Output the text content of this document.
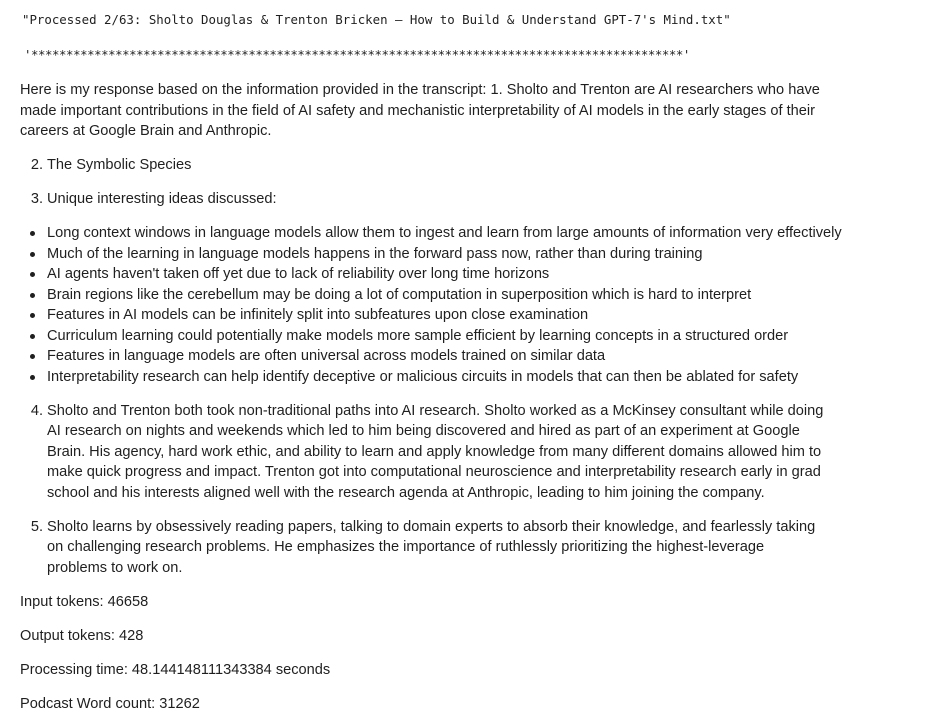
"Processed 2/63: Sholto Douglas & Trenton Bricken – How to Build & Understand GPT-7's Mind.txt"
'*********************************************************************************************'

Here is my response based on the information provided in the transcript: 1. Sholto and Trenton are AI researchers who have made important contributions in the field of AI safety and mechanistic interpretability of AI models in the early stages of their careers at Google Brain and Anthropic.

2. The Symbolic Species
3. Unique interesting ideas discussed:
Long context windows in language models allow them to ingest and learn from large amounts of information very effectively
Much of the learning in language models happens in the forward pass now, rather than during training
AI agents haven't taken off yet due to lack of reliability over long time horizons
Brain regions like the cerebellum may be doing a lot of computation in superposition which is hard to interpret
Features in AI models can be infinitely split into subfeatures upon close examination
Curriculum learning could potentially make models more sample efficient by learning concepts in a structured order
Features in language models are often universal across models trained on similar data
Interpretability research can help identify deceptive or malicious circuits in models that can then be ablated for safety
4. Sholto and Trenton both took non-traditional paths into AI research. Sholto worked as a McKinsey consultant while doing AI research on nights and weekends which led to him being discovered and hired as part of an experiment at Google Brain. His agency, hard work ethic, and ability to learn and apply knowledge from many different domains allowed him to make quick progress and impact. Trenton got into computational neuroscience and interpretability research early in grad school and his interests aligned well with the research agenda at Anthropic, leading to him joining the company.
5. Sholto learns by obsessively reading papers, talking to domain experts to absorb their knowledge, and fearlessly taking on challenging research problems. He emphasizes the importance of ruthlessly prioritizing the highest-leverage problems to work on.

Input tokens: 46658

Output tokens: 428

Processing time: 48.144148111343384 seconds

Podcast Word count: 31262
